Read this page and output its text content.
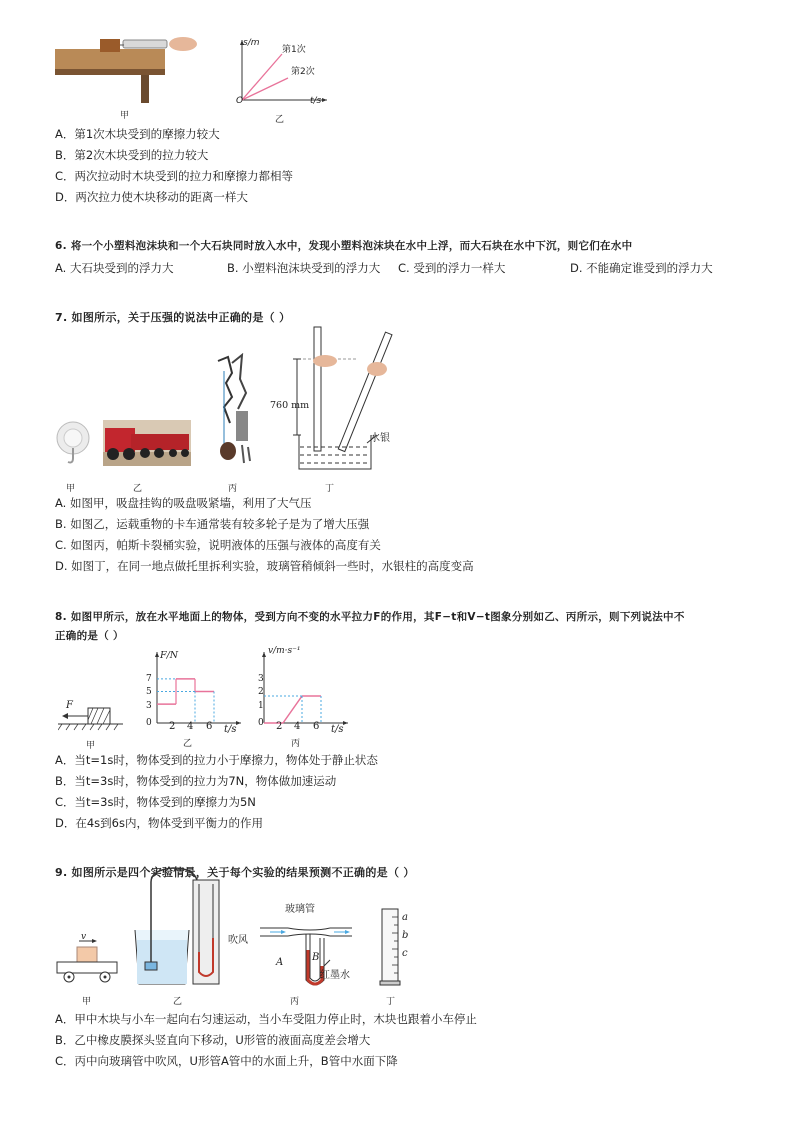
甲
s/m
第1次
第2次
O	t/s
乙
A．第1次木块受到的摩擦力较大
B．第2次木块受到的拉力较大
C．两次拉动时木块受到的拉力和摩擦力都相等
D．两次拉力使木块移动的距离一样大
6. 将一个小塑料泡沫块和一个大石块同时放入水中，发现小塑料泡沫块在水中上浮，而大石块在水中下沉，则它们在水中
A. 大石块受到的浮力大	B. 小塑料泡沫块受到的浮力大 C. 受到的浮力一样大	D. 不能确定谁受到的浮力大
7. 如图所示，关于压强的说法中正确的是（ ）
760 mm
水银
甲	乙	丙	丁
A. 如图甲，吸盘挂钩的吸盘吸紧墙，利用了大气压
B. 如图乙，运载重物的卡车通常装有较多轮子是为了增大压强
C. 如图丙，帕斯卡裂桶实验，说明液体的压强与液体的高度有关
D. 如图丁，在同一地点做托里拆利实验，玻璃管稍倾斜一些时，水银柱的高度变高
8. 如图甲所示，放在水平地面上的物体，受到方向不变的水平拉力F的作用，其F−t和V−t图象分别如乙、丙所示，则下列说法中不
正确的是（ ）
F
甲
F/N
7
5
3
0 2 4 6 t/s
乙
v/m·s⁻¹
3
2
1
0 2 4 6 t/s
丙
A．当t=1s时，物体受到的拉力小于摩擦力，物体处于静止状态
B．当t=3s时，物体受到的拉力为7N，物体做加速运动
C．当t=3s时，物体受到的摩擦力为5N
D．在4s到6s内，物体受到平衡力的作用
9. 如图所示是四个实验情景，关于每个实验的结果预测不正确的是（ ）
v
甲	乙
玻璃管
吹风
A	B
红墨水
丙
a
b
c
丁
A．甲中木块与小车一起向右匀速运动，当小车受阻力停止时，木块也跟着小车停止
B．乙中橡皮膜探头竖直向下移动，U形管的液面高度差会增大
C．丙中向玻璃管中吹风，U形管A管中的水面上升，B管中水面下降
